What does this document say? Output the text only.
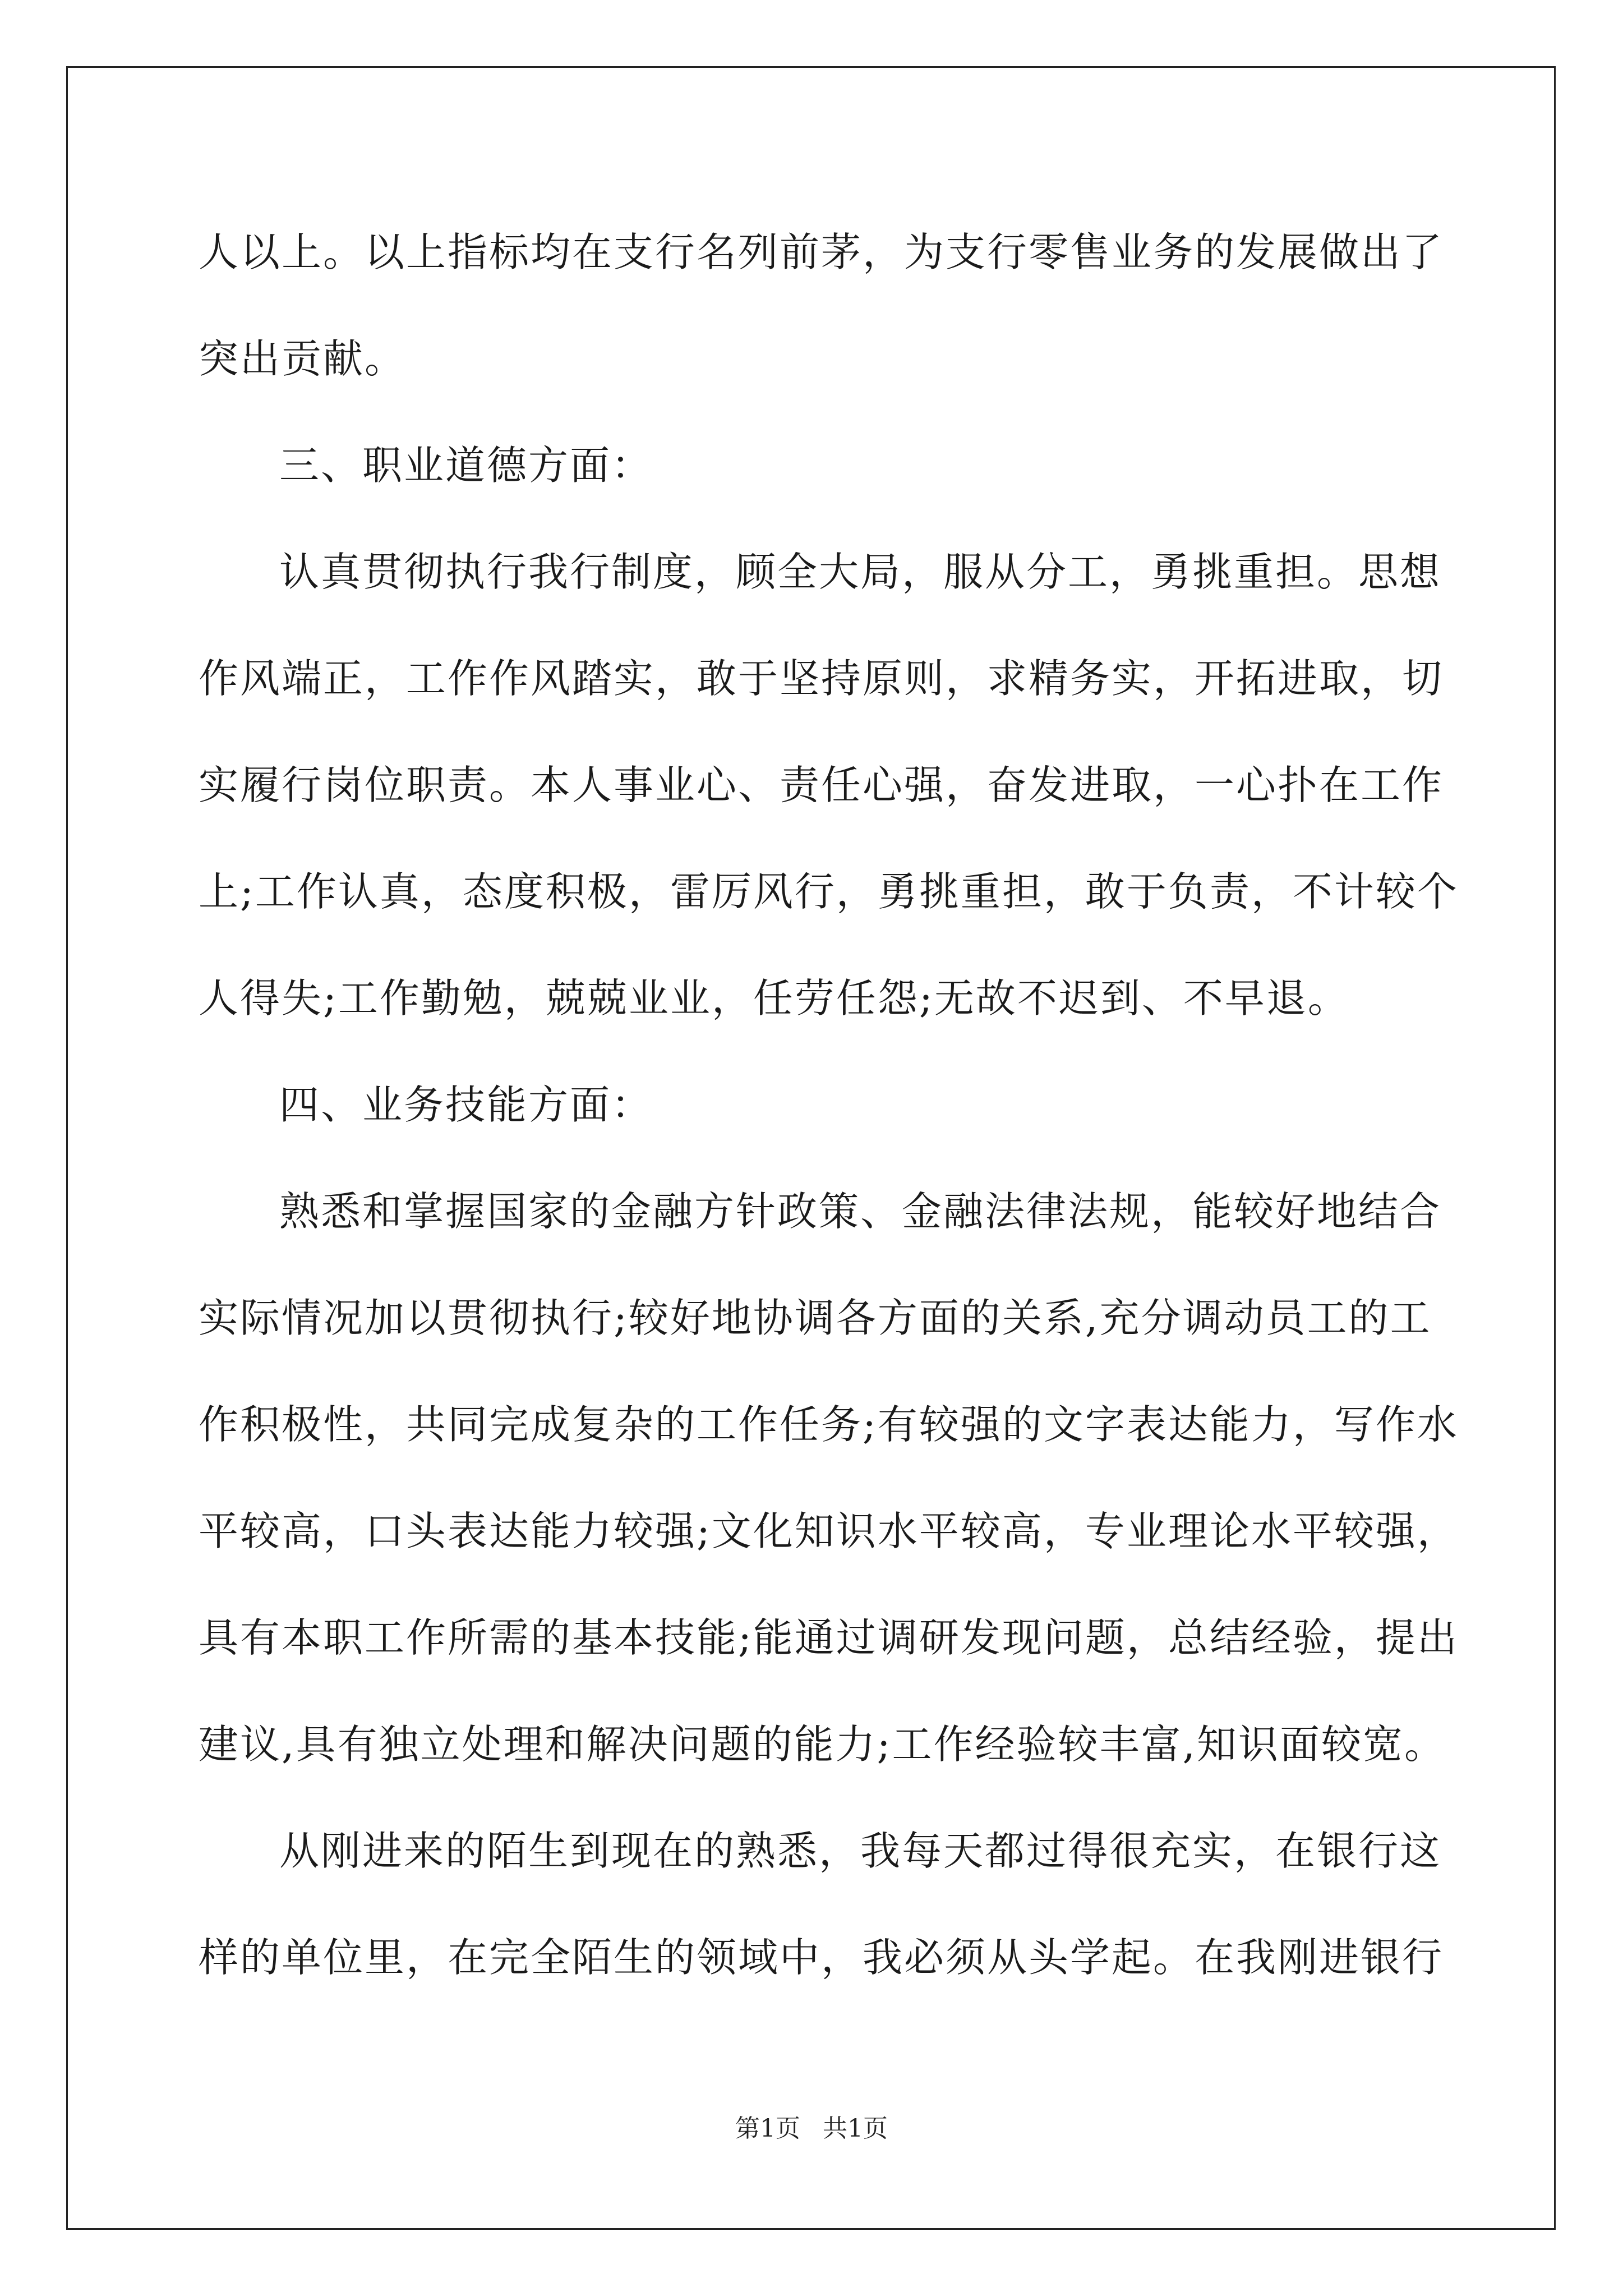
人以上。以上指标均在支行名列前茅，为支行零售业务的发展做出了
突出贡献。
三、职业道德方面：
认真贯彻执行我行制度，顾全大局，服从分工，勇挑重担。思想
作风端正，工作作风踏实，敢于坚持原则，求精务实，开拓进取，切
实履行岗位职责。本人事业心、责任心强，奋发进取，一心扑在工作
上;工作认真，态度积极，雷厉风行，勇挑重担，敢于负责，不计较个
人得失;工作勤勉，兢兢业业，任劳任怨;无故不迟到、不早退。
四、业务技能方面：
熟悉和掌握国家的金融方针政策、金融法律法规，能较好地结合
实际情况加以贯彻执行;较好地协调各方面的关系,充分调动员工的工
作积极性，共同完成复杂的工作任务;有较强的文字表达能力，写作水
平较高，口头表达能力较强;文化知识水平较高，专业理论水平较强，
具有本职工作所需的基本技能;能通过调研发现问题，总结经验，提出
建议,具有独立处理和解决问题的能力;工作经验较丰富,知识面较宽。
从刚进来的陌生到现在的熟悉，我每天都过得很充实，在银行这
样的单位里，在完全陌生的领域中，我必须从头学起。在我刚进银行
第1页 共1页
